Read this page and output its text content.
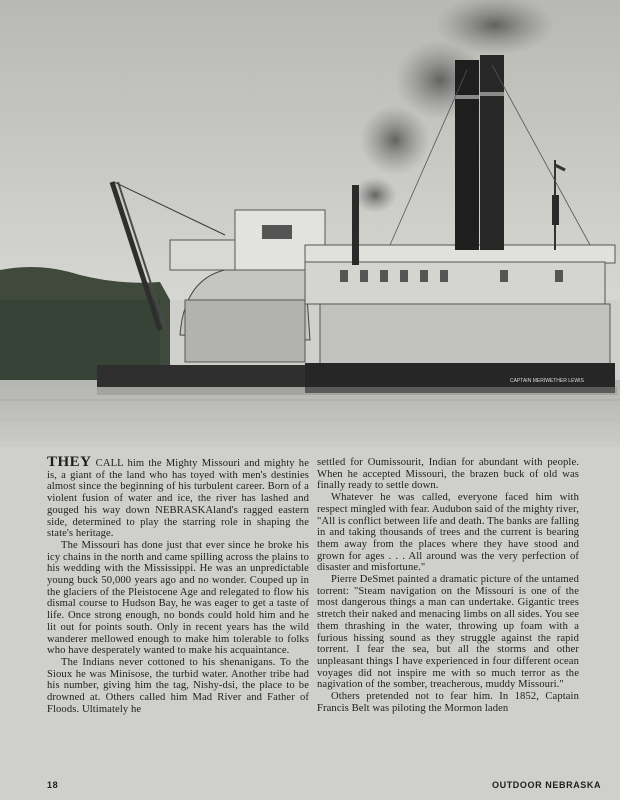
CAPTAIN MERIWETHER LEWIS

THEY CALL him the Mighty Missouri and mighty he is, a giant of the land who has toyed with men's destinies almost since the beginning of his turbulent career. Born of a violent fusion of water and ice, the river has lashed and gouged his way down NEBRASKAland's ragged eastern side, determined to play the starring role in shaping the state's heritage.

The Missouri has done just that ever since he broke his icy chains in the north and came spilling across the plains to his wedding with the Mississippi. He was an unpredictable young buck 50,000 years ago and no wonder. Couped up in the glaciers of the Pleistocene Age and relegated to flow his dismal course to Hudson Bay, he was eager to get a taste of life. Once strong enough, no bonds could hold him and he lit out for points south. Only in recent years has the wild wanderer mellowed enough to make him tolerable to folks who have desperately wanted to make his acquaintance.

The Indians never cottoned to his shenanigans. To the Sioux he was Minisose, the turbid water. Another tribe had his number, giving him the tag, Nishy-dsi, the place to be drowned at. Others called him Mad River and Father of Floods. Ultimately he

settled for Oumissourit, Indian for abundant with people. When he accepted Missouri, the brazen buck of old was finally ready to settle down.

Whatever he was called, everyone faced him with respect mingled with fear. Audubon said of the mighty river, "All is conflict between life and death. The banks are falling in and taking thousands of trees and the current is bearing them away from the places where they have stood and grown for ages . . . All around was the very perfection of disaster and misfortune."

Pierre DeSmet painted a dramatic picture of the untamed torrent: "Steam navigation on the Missouri is one of the most dangerous things a man can undertake. Gigantic trees stretch their naked and menacing limbs on all sides. You see them thrashing in the water, throwing up foam with a furious hissing sound as they struggle against the rapid torrent. I fear the sea, but all the storms and other unpleasant things I have experienced in four different ocean voyages did not inspire me with so much terror as the nagivation of the somber, treacherous, muddy Missouri."

Others pretended not to fear him. In 1852, Captain Francis Belt was piloting the Mormon laden

18	OUTDOOR NEBRASKA
